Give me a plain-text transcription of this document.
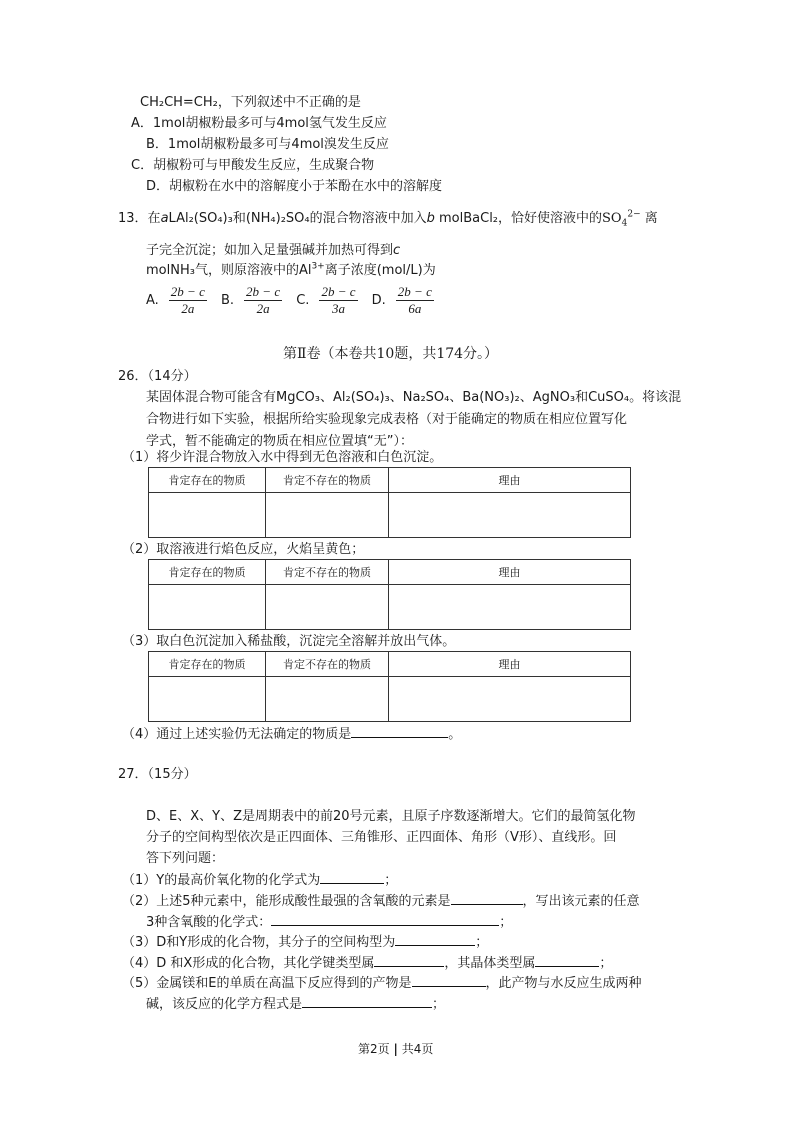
CH₂CH=CH₂，下列叙述中不正确的是
A．1mol胡椒粉最多可与4mol氢气发生反应
B．1mol胡椒粉最多可与4mol溴发生反应
C．胡椒粉可与甲酸发生反应，生成聚合物
D．胡椒粉在水中的溶解度小于苯酚在水中的溶解度
13．在aLAl₂(SO₄)₃和(NH₄)₂SO₄的混合物溶液中加入b molBaCl₂，恰好使溶液中的$SO_4^{2-}$ 离
子完全沉淀；如加入足量强碱并加热可得到c
molNH₃气，则原溶液中的$Al^{3+}$离子浓度(mol/L)为
A. $\frac{2b - c}{2a} B$. $\frac{2b - c}{2a} C$. $\frac{2b - c}{3a} D$. $\frac{2b - c}{6a}$
第Ⅱ卷（本卷共10题，共174分。）
26．（14分）
某固体混合物可能含有MgCO₃、Al₂(SO₄)₃、Na₂SO₄、Ba(NO₃)₂、AgNO₃和CuSO₄。将该混
合物进行如下实验，根据所给实验现象完成表格（对于能确定的物质在相应位置写化
学式，暂不能确定的物质在相应位置填“无”）：
（1）将少许混合物放入水中得到无色溶液和白色沉淀。
肯定存在的物质	肯定不存在的物质	理由

（2）取溶液进行焰色反应，火焰呈黄色；
肯定存在的物质	肯定不存在的物质	理由

（3）取白色沉淀加入稀盐酸，沉淀完全溶解并放出气体。
肯定存在的物质	肯定不存在的物质	理由

（4）通过上述实验仍无法确定的物质是	。
27．（15分）
D、E、X、Y、Z是周期表中的前20号元素，且原子序数逐渐增大。它们的最简氢化物
分子的空间构型依次是正四面体、三角锥形、正四面体、角形（V形）、直线形。回
答下列问题：
（1）Y的最高价氧化物的化学式为	；
（2）上述5种元素中，能形成酸性最强的含氧酸的元素是	，写出该元素的任意
3种含氧酸的化学式：	；
（3）D和Y形成的化合物，其分子的空间构型为	；
（4）D 和X形成的化合物，其化学键类型属	，其晶体类型属	；
（5）金属镁和E的单质在高温下反应得到的产物是	，此产物与水反应生成两种
碱，该反应的化学方程式是	；
第2页 | 共4页
